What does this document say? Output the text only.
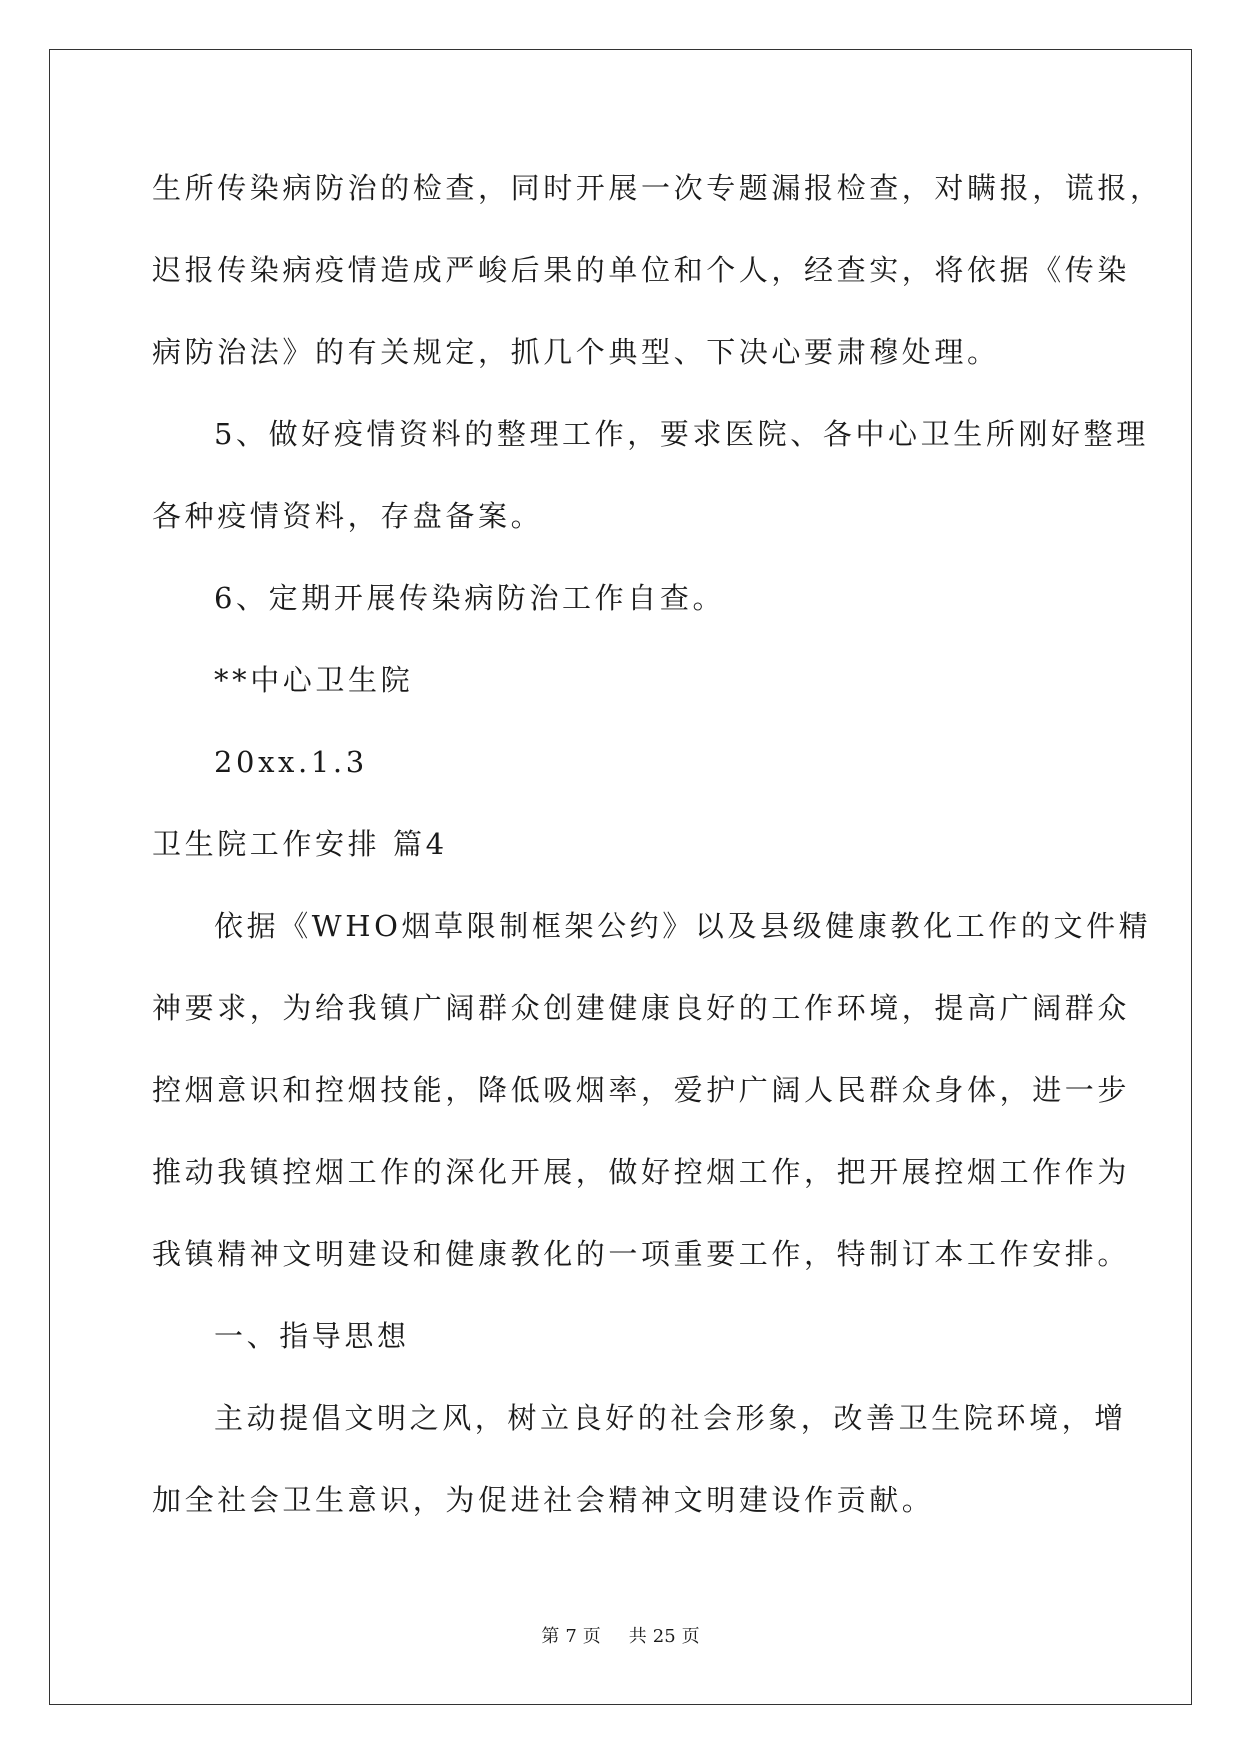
生所传染病防治的检查，同时开展一次专题漏报检查，对瞒报，谎报，
迟报传染病疫情造成严峻后果的单位和个人，经查实，将依据《传染
病防治法》的有关规定，抓几个典型、下决心要肃穆处理。
5、做好疫情资料的整理工作，要求医院、各中心卫生所刚好整理
各种疫情资料，存盘备案。
6、定期开展传染病防治工作自查。
**中心卫生院
20xx.1.3
卫生院工作安排 篇4
依据《WHO烟草限制框架公约》以及县级健康教化工作的文件精
神要求，为给我镇广阔群众创建健康良好的工作环境，提高广阔群众
控烟意识和控烟技能，降低吸烟率，爱护广阔人民群众身体，进一步
推动我镇控烟工作的深化开展，做好控烟工作，把开展控烟工作作为
我镇精神文明建设和健康教化的一项重要工作，特制订本工作安排。
一、指导思想
主动提倡文明之风，树立良好的社会形象，改善卫生院环境，增
加全社会卫生意识，为促进社会精神文明建设作贡献。
第 7 页 共 25 页
